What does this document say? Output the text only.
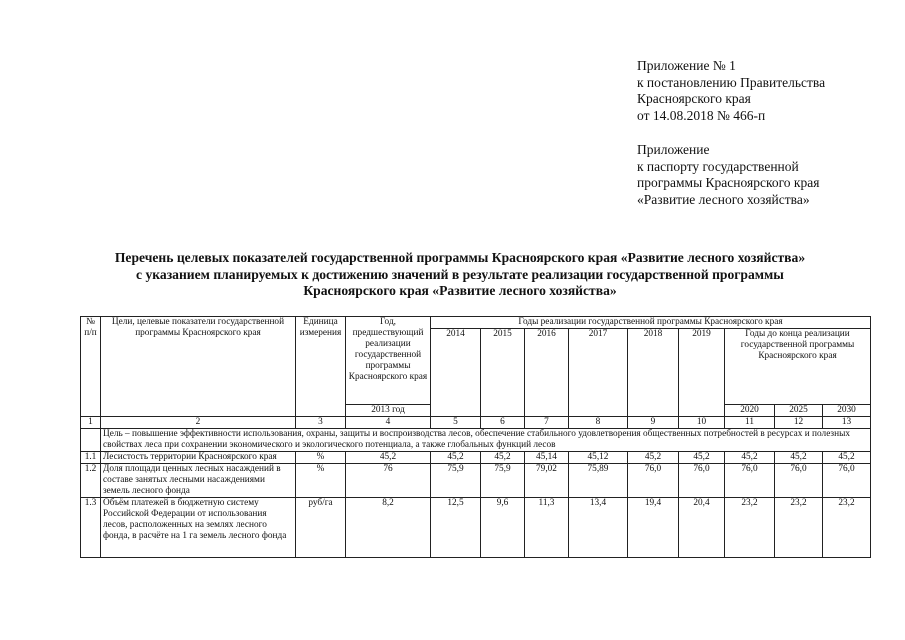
Приложение № 1
к постановлению Правительства
Красноярского края
от 14.08.2018 № 466-п
Приложение
к паспорту государственной
программы Красноярского края
«Развитие лесного хозяйства»
Перечень целевых показателей государственной программы Красноярского края «Развитие лесного хозяйства»
с указанием планируемых к достижению значений в результате реализации государственной программы
Красноярского края «Развитие лесного хозяйства»
№ п/п	Цели, целевые показатели государственной программы Красноярского края	Единица измерения	Год, предшествующий реализации государственной программы Красноярского края	Годы реализации государственной программы Красноярского края								
				2014	2015	2016	2017	2018	2019	Годы до конца реализации государственной программы Красноярского края		
			2013 год							2020	2025	2030
1	2	3	4	5	6	7	8	9	10	11	12	13
	Цель – повышение эффективности использования, охраны, защиты и воспроизводства лесов, обеспечение стабильного удовлетворения общественных потребностей в ресурсах и полезных свойствах леса при сохранении экономического и экологического потенциала, а также глобальных функций лесов											
1.1	Лесистость территории Красноярского края	%	45,2	45,2	45,2	45,14	45,12	45,2	45,2	45,2	45,2	45,2
1.2	Доля площади ценных лесных насаждений в составе занятых лесными насаждениями земель лесного фонда	%	76	75,9	75,9	79,02	75,89	76,0	76,0	76,0	76,0	76,0
1.3	Объём платежей в бюджетную систему Российской Федерации от использования лесов, расположенных на землях лесного фонда, в расчёте на 1 га земель лесного фонда	руб/га	8,2	12,5	9,6	11,3	13,4	19,4	20,4	23,2	23,2	23,2
